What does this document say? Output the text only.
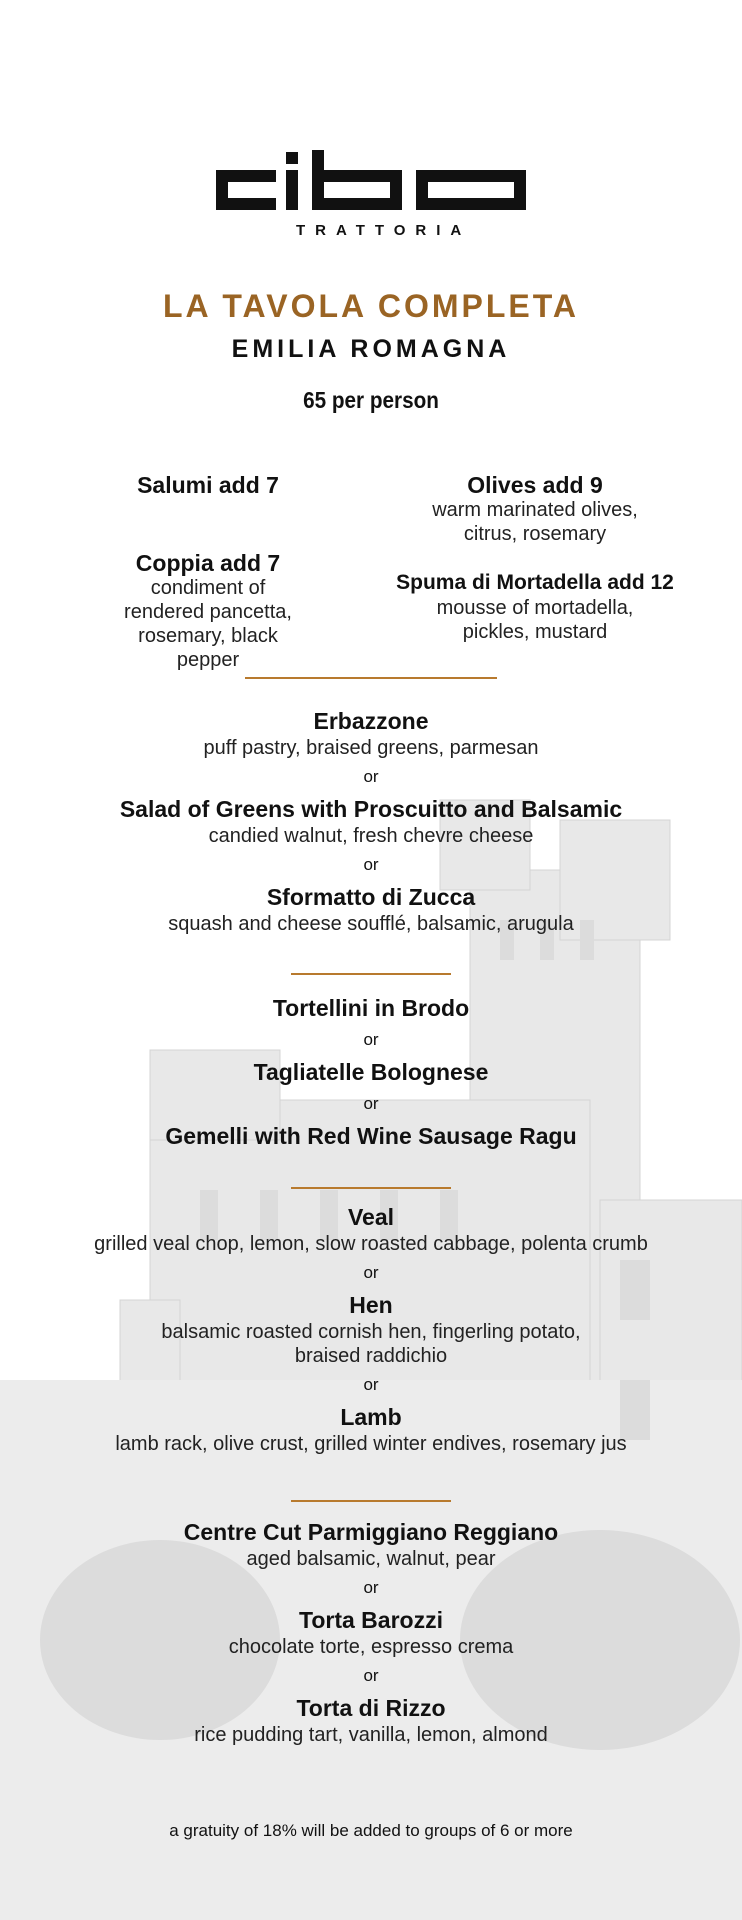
TRATTORIA
LA TAVOLA COMPLETA
EMILIA ROMAGNA
65 per person
Salumi add 7
Coppia add 7
condiment of rendered pancetta, rosemary, black pepper
Olives add 9
warm marinated olives, citrus, rosemary
Spuma di Mortadella add 12
mousse of mortadella, pickles, mustard
Erbazzone
puff pastry, braised greens, parmesan
or
Salad of Greens with Proscuitto and Balsamic
candied walnut, fresh chevre cheese
or
Sformatto di Zucca
squash and cheese soufflé, balsamic, arugula
Tortellini in Brodo
or
Tagliatelle Bolognese
or
Gemelli with Red Wine Sausage Ragu
Veal
grilled veal chop, lemon, slow roasted cabbage, polenta crumb
or
Hen
balsamic roasted cornish hen, fingerling potato, braised raddichio
or
Lamb
lamb rack, olive crust, grilled winter endives, rosemary jus
Centre Cut Parmiggiano Reggiano
aged balsamic, walnut, pear
or
Torta Barozzi
chocolate torte, espresso crema
or
Torta di Rizzo
rice pudding tart, vanilla, lemon, almond
a gratuity of 18% will be added to groups of 6 or more
